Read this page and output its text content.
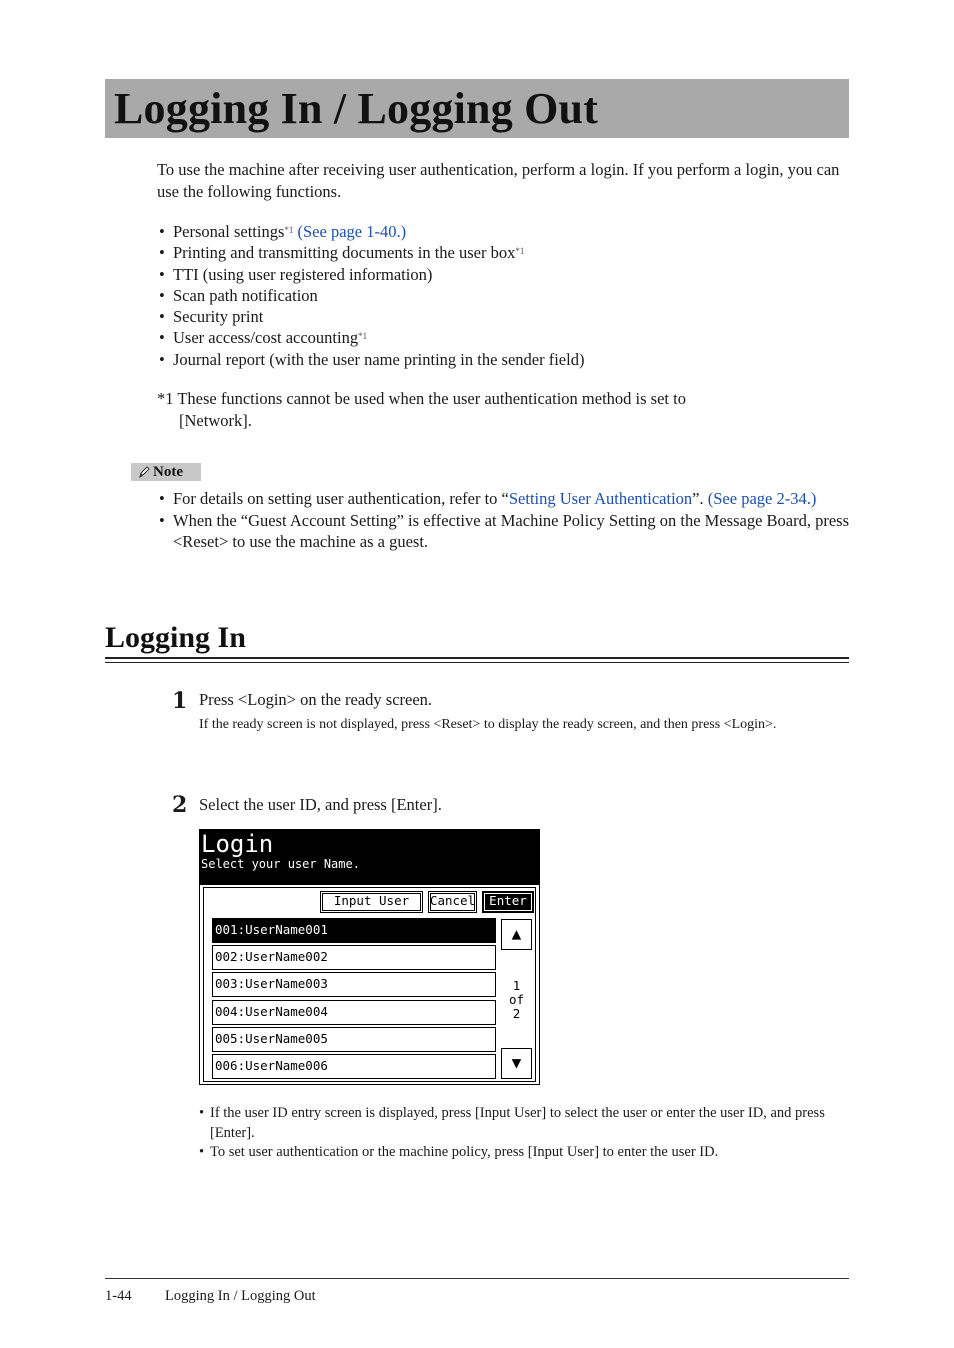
Logging In / Logging Out
To use the machine after receiving user authentication, perform a login. If you perform a login, you can use the following functions.
• Personal settings$^{*1}$ (See page 1-40.)
• Printing and transmitting documents in the user box$^{*1}$
• TTI (using user registered information)
• Scan path notification
• Security print
• User access/cost accounting$^{*1}$
• Journal report (with the user name printing in the sender field)
*1 These functions cannot be used when the user authentication method is set to
[Network].
Note
• For details on setting user authentication, refer to “Setting User Authentication”. (See page 2-34.)
• When the “Guest Account Setting” is effective at Machine Policy Setting on the Message Board, press <Reset> to use the machine as a guest.
Logging In
1 Press <Login> on the ready screen.
If the ready screen is not displayed, press <Reset> to display the ready screen, and then press <Login>.
2 Select the user ID, and press [Enter].
Login
Select your user Name.
Input User	Cancel	Enter
001:UserName001
002:UserName002
003:UserName003
004:UserName004
005:UserName005
006:UserName006
▲
1
of
2
▼
• If the user ID entry screen is displayed, press [Input User] to select the user or enter the user ID, and press [Enter].
• To set user authentication or the machine policy, press [Input User] to enter the user ID.
1-44 Logging In / Logging Out
